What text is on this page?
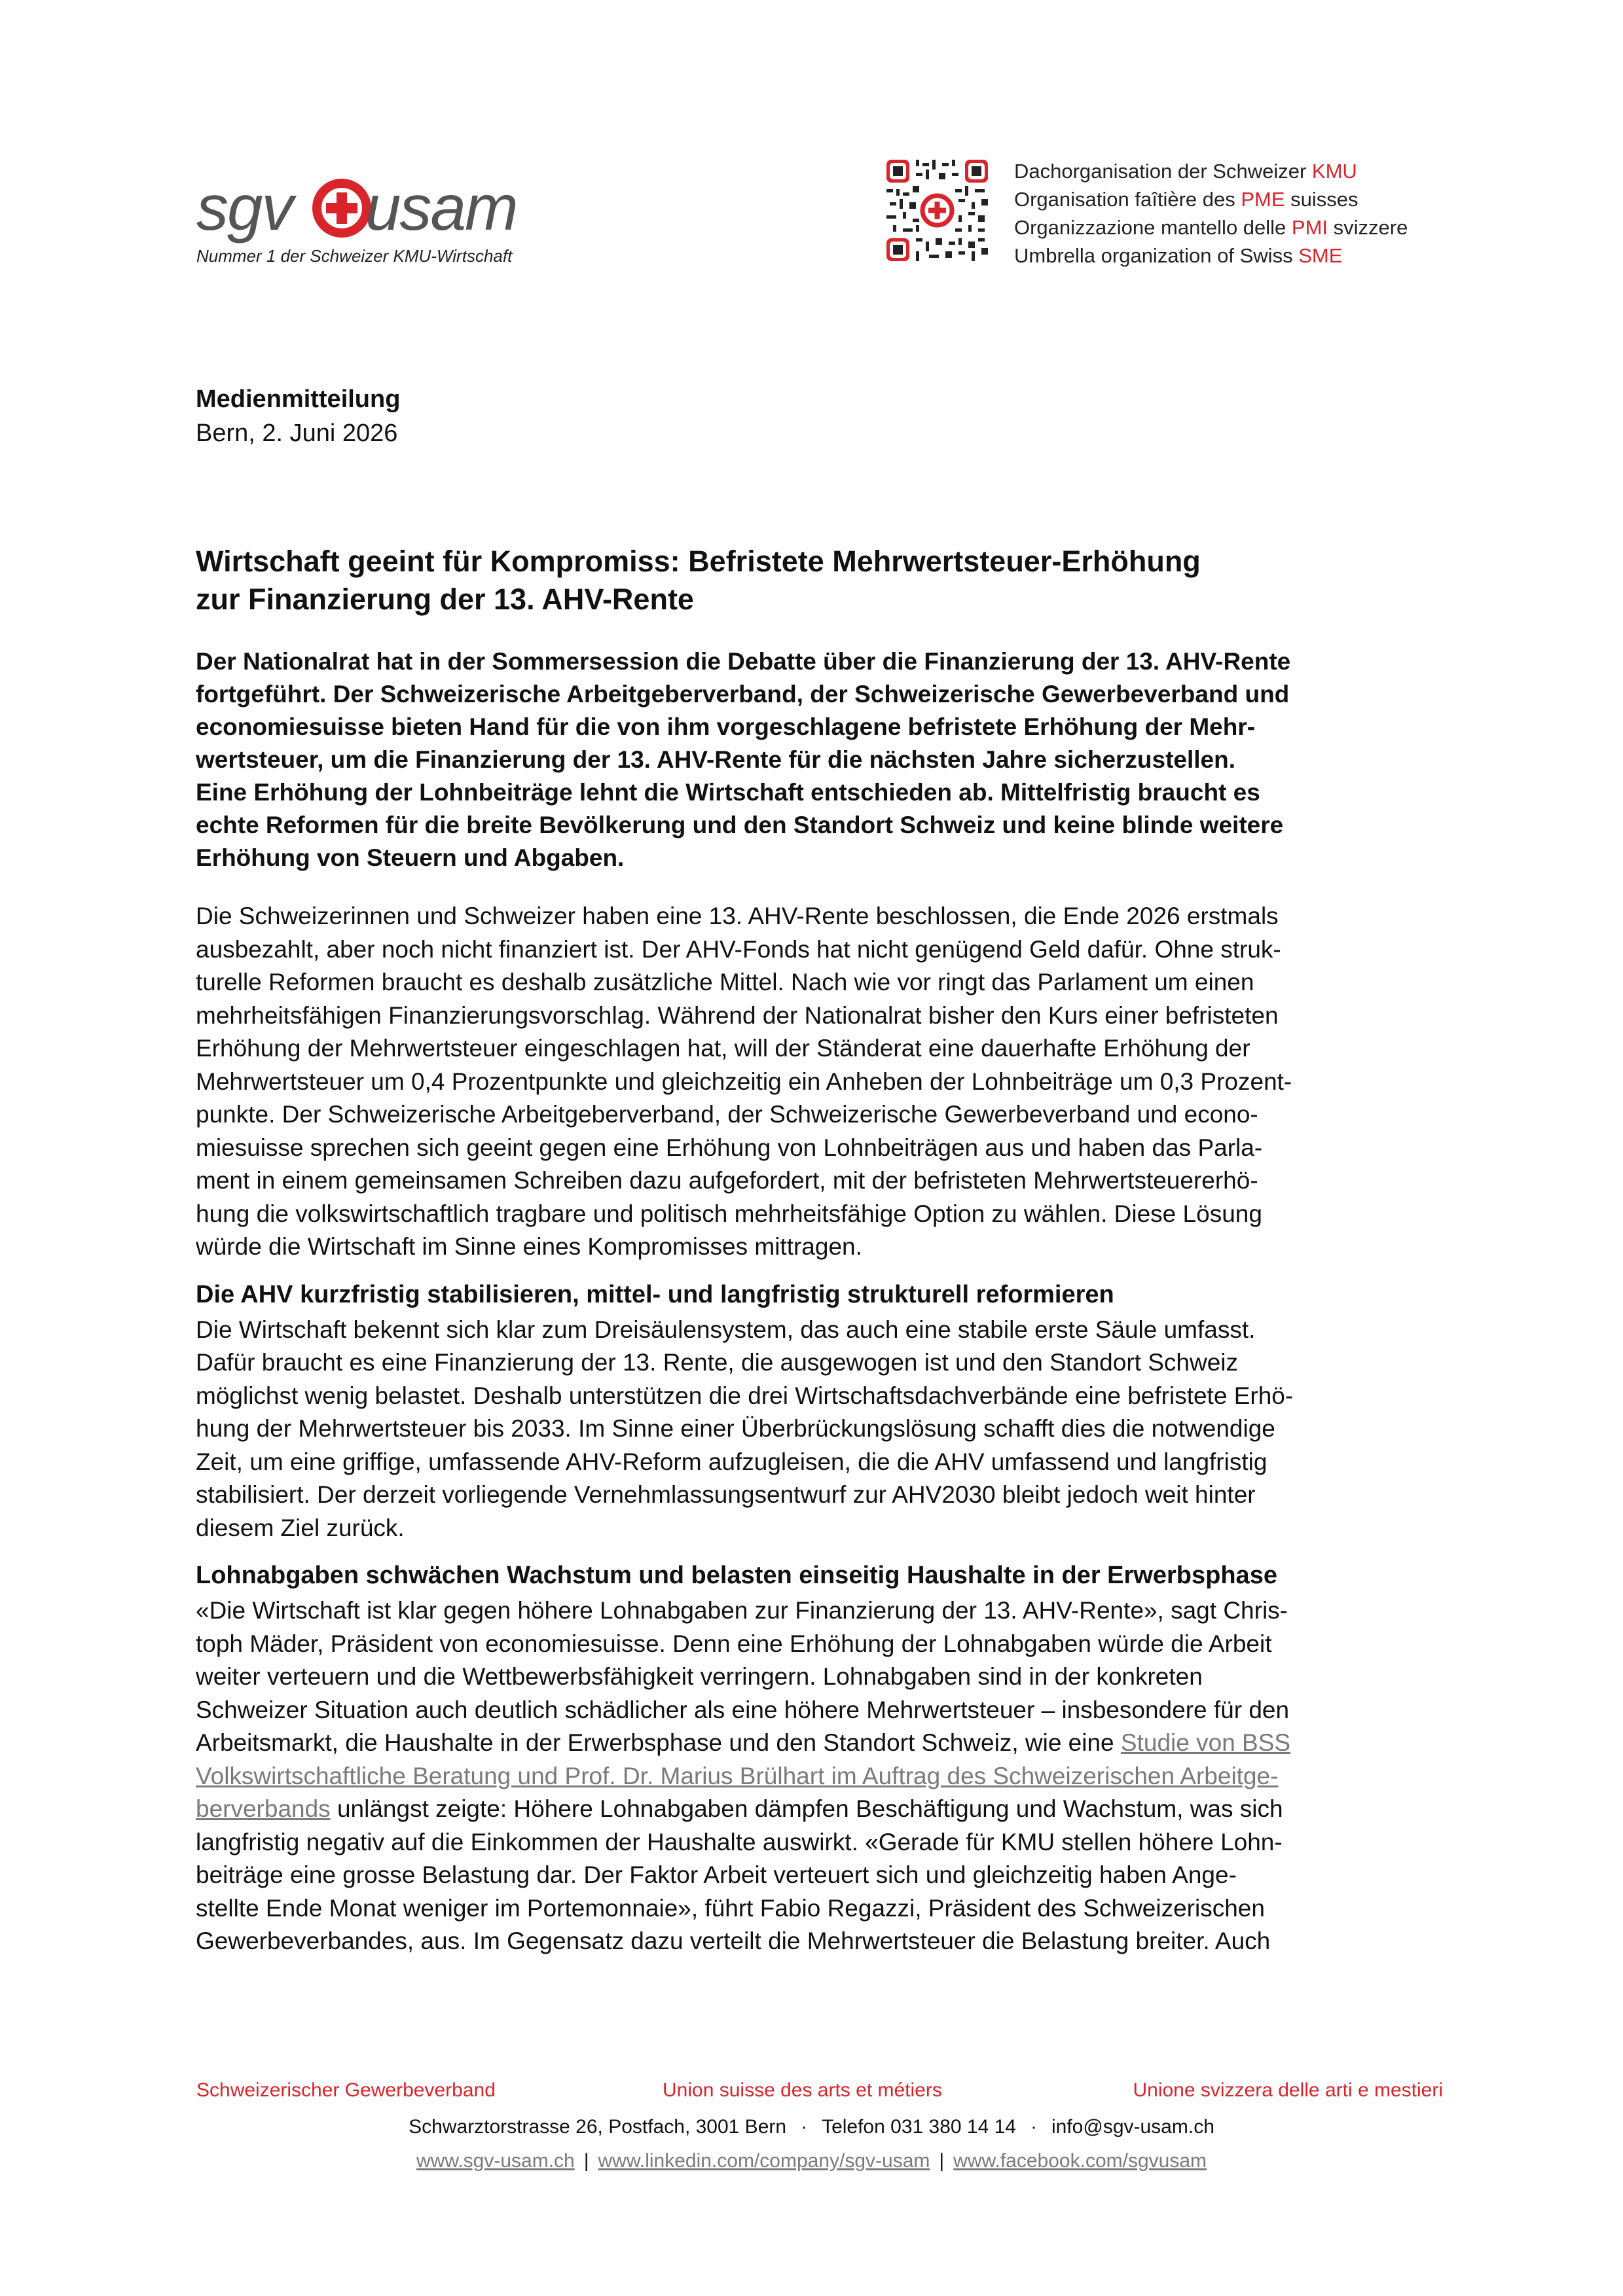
sgv usam
Nummer 1 der Schweizer KMU-Wirtschaft
Dachorganisation der Schweizer KMU
Organisation faîtière des PME suisses
Organizzazione mantello delle PMI svizzere
Umbrella organization of Swiss SME

Medienmitteilung

Bern, 2. Juni 2026

Wirtschaft geeint für Kompromiss: Befristete Mehrwertsteuer-Erhöhung
zur Finanzierung der 13. AHV-Rente
Der Nationalrat hat in der Sommersession die Debatte über die Finanzierung der 13. AHV-Rente
fortgeführt. Der Schweizerische Arbeitgeberverband, der Schweizerische Gewerbeverband und
economiesuisse bieten Hand für die von ihm vorgeschlagene befristete Erhöhung der Mehr-
wertsteuer, um die Finanzierung der 13. AHV-Rente für die nächsten Jahre sicherzustellen.
Eine Erhöhung der Lohnbeiträge lehnt die Wirtschaft entschieden ab. Mittelfristig braucht es
echte Reformen für die breite Bevölkerung und den Standort Schweiz und keine blinde weitere
Erhöhung von Steuern und Abgaben.
Die Schweizerinnen und Schweizer haben eine 13. AHV-Rente beschlossen, die Ende 2026 erstmals
ausbezahlt, aber noch nicht finanziert ist. Der AHV-Fonds hat nicht genügend Geld dafür. Ohne struk-
turelle Reformen braucht es deshalb zusätzliche Mittel. Nach wie vor ringt das Parlament um einen
mehrheitsfähigen Finanzierungsvorschlag. Während der Nationalrat bisher den Kurs einer befristeten
Erhöhung der Mehrwertsteuer eingeschlagen hat, will der Ständerat eine dauerhafte Erhöhung der
Mehrwertsteuer um 0,4 Prozentpunkte und gleichzeitig ein Anheben der Lohnbeiträge um 0,3 Prozent-
punkte. Der Schweizerische Arbeitgeberverband, der Schweizerische Gewerbeverband und econo-
miesuisse sprechen sich geeint gegen eine Erhöhung von Lohnbeiträgen aus und haben das Parla-
ment in einem gemeinsamen Schreiben dazu aufgefordert, mit der befristeten Mehrwertsteuererhö-
hung die volkswirtschaftlich tragbare und politisch mehrheitsfähige Option zu wählen. Diese Lösung
würde die Wirtschaft im Sinne eines Kompromisses mittragen.

Die AHV kurzfristig stabilisieren, mittel- und langfristig strukturell reformieren

Die Wirtschaft bekennt sich klar zum Dreisäulensystem, das auch eine stabile erste Säule umfasst.
Dafür braucht es eine Finanzierung der 13. Rente, die ausgewogen ist und den Standort Schweiz
möglichst wenig belastet. Deshalb unterstützen die drei Wirtschaftsdachverbände eine befristete Erhö-
hung der Mehrwertsteuer bis 2033. Im Sinne einer Überbrückungslösung schafft dies die notwendige
Zeit, um eine griffige, umfassende AHV-Reform aufzugleisen, die die AHV umfassend und langfristig
stabilisiert. Der derzeit vorliegende Vernehmlassungsentwurf zur AHV2030 bleibt jedoch weit hinter
diesem Ziel zurück.

Lohnabgaben schwächen Wachstum und belasten einseitig Haushalte in der Erwerbsphase

«Die Wirtschaft ist klar gegen höhere Lohnabgaben zur Finanzierung der 13. AHV-Rente», sagt Chris-
toph Mäder, Präsident von economiesuisse. Denn eine Erhöhung der Lohnabgaben würde die Arbeit
weiter verteuern und die Wettbewerbsfähigkeit verringern. Lohnabgaben sind in der konkreten
Schweizer Situation auch deutlich schädlicher als eine höhere Mehrwertsteuer – insbesondere für den
Arbeitsmarkt, die Haushalte in der Erwerbsphase und den Standort Schweiz, wie eine Studie von BSS
Volkswirtschaftliche Beratung und Prof. Dr. Marius Brülhart im Auftrag des Schweizerischen Arbeitge-
berverbands unlängst zeigte: Höhere Lohnabgaben dämpfen Beschäftigung und Wachstum, was sich
langfristig negativ auf die Einkommen der Haushalte auswirkt. «Gerade für KMU stellen höhere Lohn-
beiträge eine grosse Belastung dar. Der Faktor Arbeit verteuert sich und gleichzeitig haben Ange-
stellte Ende Monat weniger im Portemonnaie», führt Fabio Regazzi, Präsident des Schweizerischen
Gewerbeverbandes, aus. Im Gegensatz dazu verteilt die Mehrwertsteuer die Belastung breiter. Auch
Schweizerischer Gewerbeverband	Union suisse des arts et métiers	Unione svizzera delle arti e mestieri
Schwarztorstrasse 26, Postfach, 3001 Bern · Telefon 031 380 14 14 · info@sgv-usam.ch
www.sgv-usam.ch | www.linkedin.com/company/sgv-usam | www.facebook.com/sgvusam
